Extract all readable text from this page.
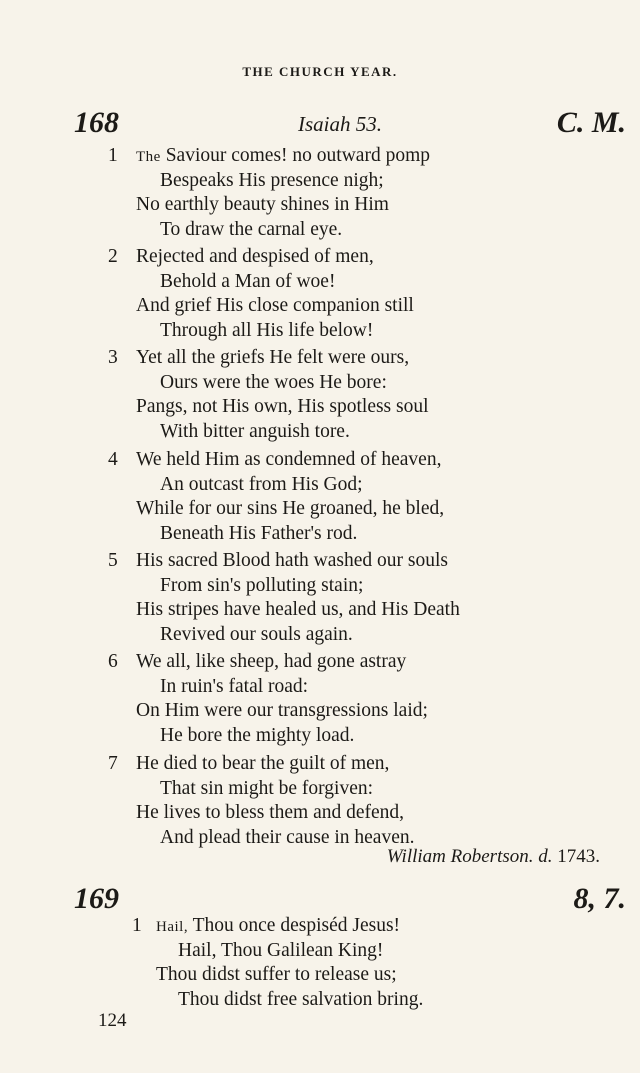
THE CHURCH YEAR.
168	Isaiah 53.	C. M.
1 The Saviour comes! no outward pomp
Bespeaks His presence nigh;
No earthly beauty shines in Him
To draw the carnal eye.
2 Rejected and despised of men,
Behold a Man of woe!
And grief His close companion still
Through all His life below!
3 Yet all the griefs He felt were ours,
Ours were the woes He bore:
Pangs, not His own, His spotless soul
With bitter anguish tore.
4 We held Him as condemned of heaven,
An outcast from His God;
While for our sins He groaned, he bled,
Beneath His Father's rod.
5 His sacred Blood hath washed our souls
From sin's polluting stain;
His stripes have healed us, and His Death
Revived our souls again.
6 We all, like sheep, had gone astray
In ruin's fatal road:
On Him were our transgressions laid;
He bore the mighty load.
7 He died to bear the guilt of men,
That sin might be forgiven:
He lives to bless them and defend,
And plead their cause in heaven.
William Robertson. d. 1743.
169	8, 7.
1 Hail, Thou once despiséd Jesus!
Hail, Thou Galilean King!
Thou didst suffer to release us;
Thou didst free salvation bring.
124
